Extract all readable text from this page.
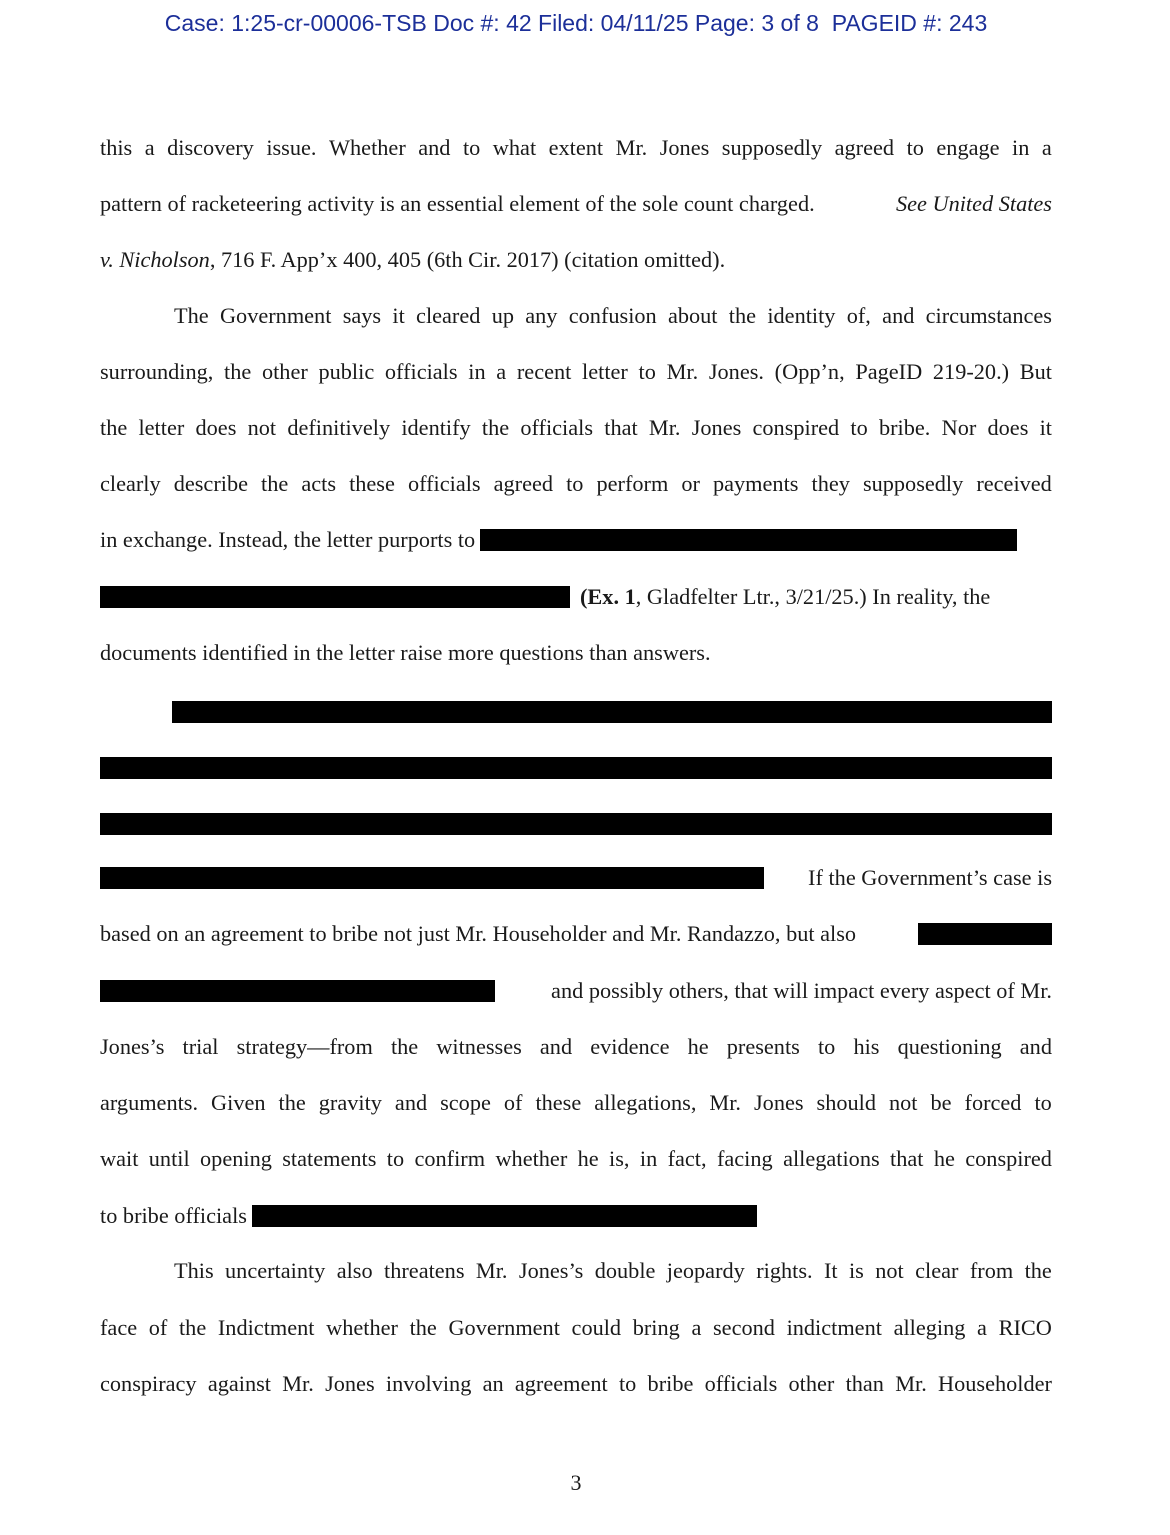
Case: 1:25-cr-00006-TSB Doc #: 42 Filed: 04/11/25 Page: 3 of 8  PAGEID #: 243
this a discovery issue. Whether and to what extent Mr. Jones supposedly agreed to engage in a
pattern of racketeering activity is an essential element of the sole count charged.	See United States
v. Nicholson, 716 F. App’x 400, 405 (6th Cir. 2017) (citation omitted).
The Government says it cleared up any confusion about the identity of, and circumstances
surrounding, the other public officials in a recent letter to Mr. Jones. (Opp’n, PageID 219-20.) But
the letter does not definitively identify the officials that Mr. Jones conspired to bribe. Nor does it
clearly describe the acts these officials agreed to perform or payments they supposedly received
in exchange. Instead, the letter purports to
(Ex. 1 , Gladfelter Ltr., 3/21/25.) In reality, the
documents identified in the letter raise more questions than answers.
If the Government’s case is
based on an agreement to bribe not just Mr. Householder and Mr. Randazzo, but also
and possibly others, that will impact every aspect of Mr.
Jones’s trial strategy—from the witnesses and evidence he presents to his questioning and
arguments. Given the gravity and scope of these allegations, Mr. Jones should not be forced to
wait until opening statements to confirm whether he is, in fact, facing allegations that he conspired
to bribe officials
This uncertainty also threatens Mr. Jones’s double jeopardy rights. It is not clear from the
face of the Indictment whether the Government could bring a second indictment alleging a RICO
conspiracy against Mr. Jones involving an agreement to bribe officials other than Mr. Householder
3
